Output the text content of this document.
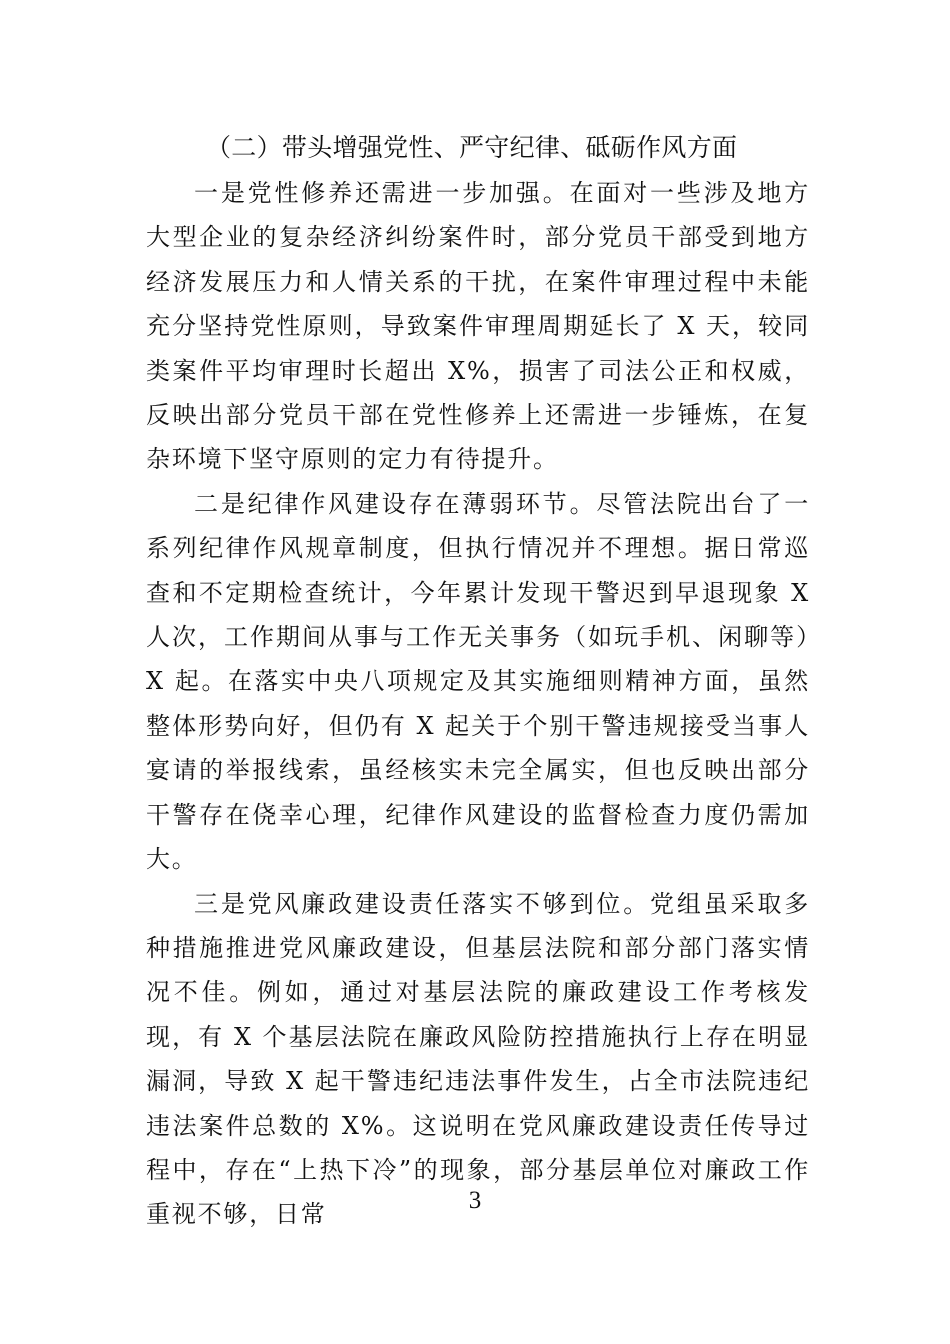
（二）带头增强党性、严守纪律、砥砺作风方面

一是党性修养还需进一步加强。在面对一些涉及地方大型企业的复杂经济纠纷案件时，部分党员干部受到地方经济发展压力和人情关系的干扰，在案件审理过程中未能充分坚持党性原则，导致案件审理周期延长了 X 天，较同类案件平均审理时长超出 X%，损害了司法公正和权威，反映出部分党员干部在党性修养上还需进一步锤炼，在复杂环境下坚守原则的定力有待提升。

二是纪律作风建设存在薄弱环节。尽管法院出台了一系列纪律作风规章制度，但执行情况并不理想。据日常巡查和不定期检查统计，今年累计发现干警迟到早退现象 X 人次，工作期间从事与工作无关事务（如玩手机、闲聊等）X 起。在落实中央八项规定及其实施细则精神方面，虽然整体形势向好，但仍有 X 起关于个别干警违规接受当事人宴请的举报线索，虽经核实未完全属实，但也反映出部分干警存在侥幸心理，纪律作风建设的监督检查力度仍需加大。

三是党风廉政建设责任落实不够到位。党组虽采取多种措施推进党风廉政建设，但基层法院和部分部门落实情况不佳。例如，通过对基层法院的廉政建设工作考核发现，有 X 个基层法院在廉政风险防控措施执行上存在明显漏洞，导致 X 起干警违纪违法事件发生，占全市法院违纪违法案件总数的 X%。这说明在党风廉政建设责任传导过程中，存在“上热下冷”的现象，部分基层单位对廉政工作重视不够，日常	3
